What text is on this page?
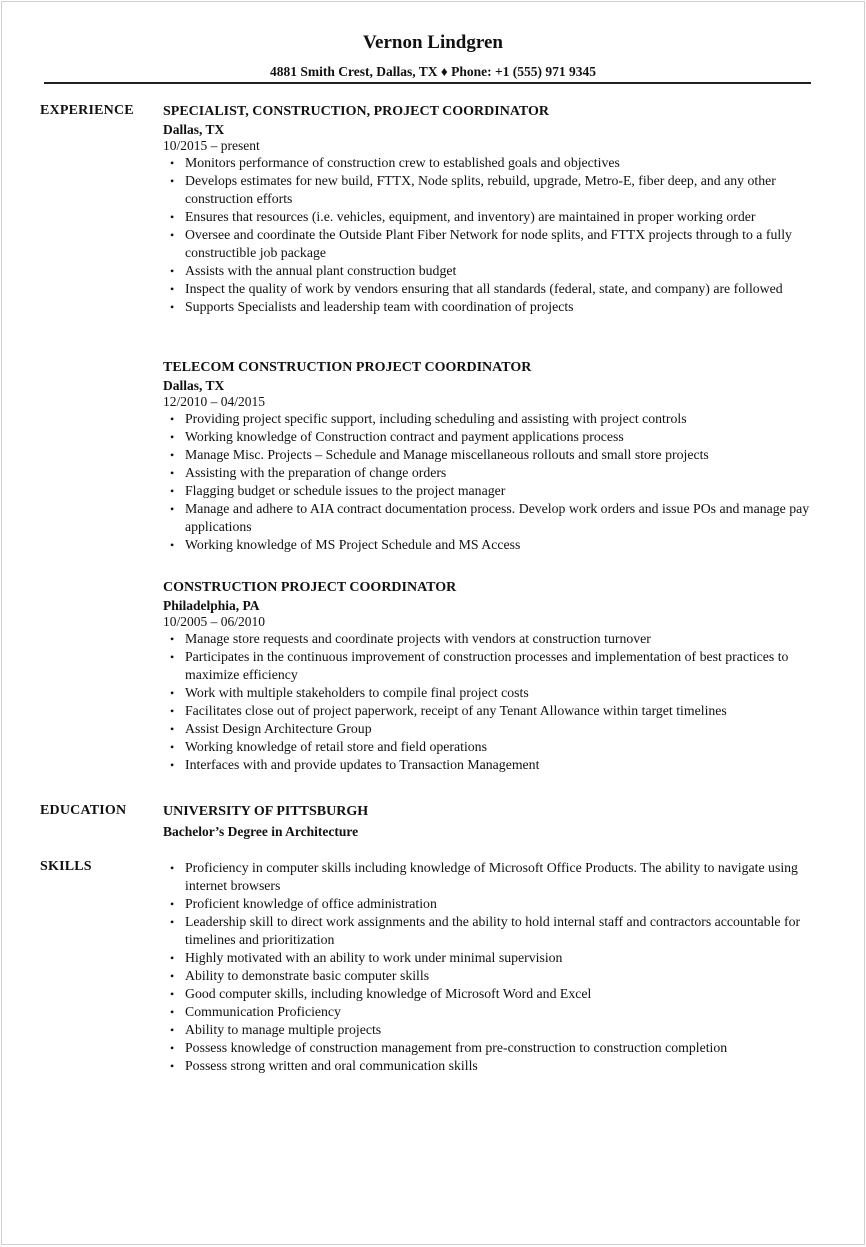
Vernon Lindgren
4881 Smith Crest, Dallas, TX ♦ Phone: +1 (555) 971 9345
EXPERIENCE SPECIALIST, CONSTRUCTION, PROJECT COORDINATOR
Dallas, TX
10/2015 – present
• Monitors performance of construction crew to established goals and objectives
• Develops estimates for new build, FTTX, Node splits, rebuild, upgrade, Metro-E, fiber deep, and any other construction efforts
• Ensures that resources (i.e. vehicles, equipment, and inventory) are maintained in proper working order
• Oversee and coordinate the Outside Plant Fiber Network for node splits, and FTTX projects through to a fully constructible job package
• Assists with the annual plant construction budget
• Inspect the quality of work by vendors ensuring that all standards (federal, state, and company) are followed
• Supports Specialists and leadership team with coordination of projects
TELECOM CONSTRUCTION PROJECT COORDINATOR
Dallas, TX
12/2010 – 04/2015
• Providing project specific support, including scheduling and assisting with project controls
• Working knowledge of Construction contract and payment applications process
• Manage Misc. Projects – Schedule and Manage miscellaneous rollouts and small store projects
• Assisting with the preparation of change orders
• Flagging budget or schedule issues to the project manager
• Manage and adhere to AIA contract documentation process. Develop work orders and issue POs and manage pay applications
• Working knowledge of MS Project Schedule and MS Access
CONSTRUCTION PROJECT COORDINATOR
Philadelphia, PA
10/2005 – 06/2010
• Manage store requests and coordinate projects with vendors at construction turnover
• Participates in the continuous improvement of construction processes and implementation of best practices to maximize efficiency
• Work with multiple stakeholders to compile final project costs
• Facilitates close out of project paperwork, receipt of any Tenant Allowance within target timelines
• Assist Design Architecture Group
• Working knowledge of retail store and field operations
• Interfaces with and provide updates to Transaction Management
EDUCATION	UNIVERSITY OF PITTSBURGH
Bachelor’s Degree in Architecture
SKILLS
•	Proficiency in computer skills including knowledge of Microsoft Office Products. The ability to navigate using internet browsers
• Proficient knowledge of office administration
• Leadership skill to direct work assignments and the ability to hold internal staff and contractors accountable for timelines and prioritization
• Highly motivated with an ability to work under minimal supervision
• Ability to demonstrate basic computer skills
• Good computer skills, including knowledge of Microsoft Word and Excel
• Communication Proficiency
• Ability to manage multiple projects
• Possess knowledge of construction management from pre-construction to construction completion
• Possess strong written and oral communication skills
